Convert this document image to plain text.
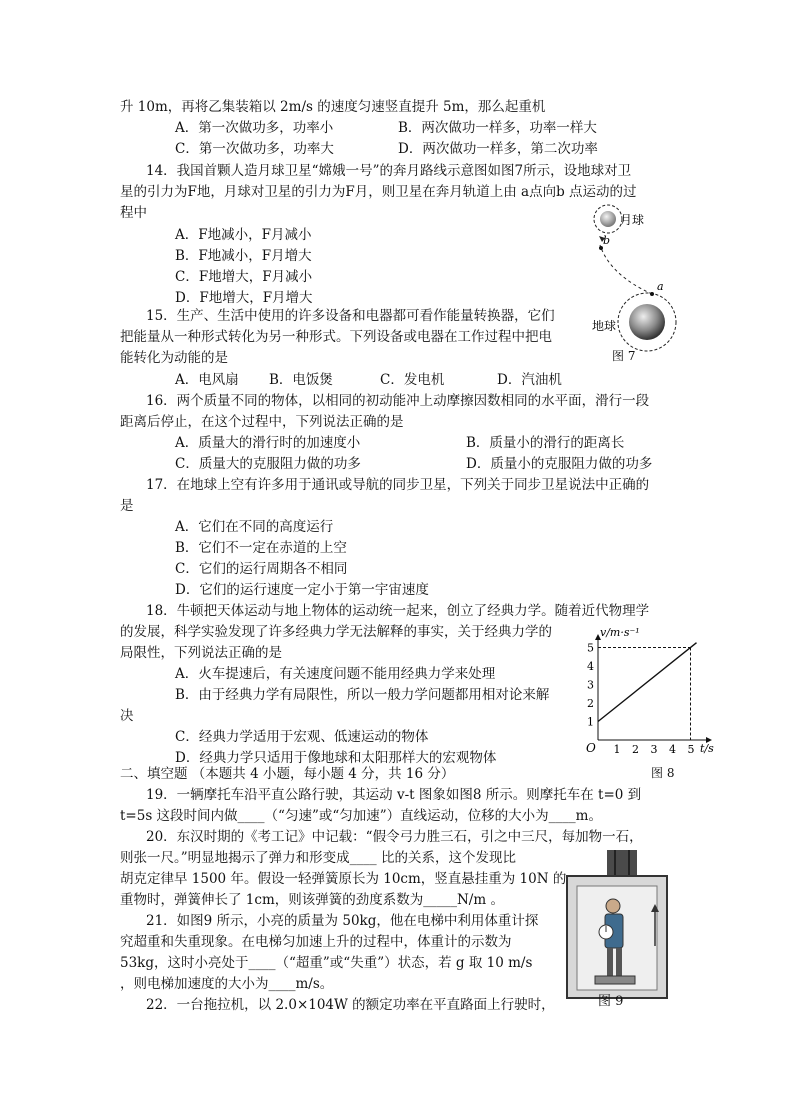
升 10m，再将乙集装箱以 2m/s 的速度匀速竖直提升 5m，那么起重机
A．第一次做功多，功率小	B．两次做功一样多，功率一样大
C．第一次做功多，功率大	D．两次做功一样多，第二次功率
14．我国首颗人造月球卫星“嫦娥一号”的奔月路线示意图如图7所示，设地球对卫
星的引力为F地，月球对卫星的引力为F月，则卫星在奔月轨道上由 a点向b 点运动的过
程中
A．F地减小，F月减小
B．F地减小，F月增大
C．F地增大，F月减小
D．F地增大，F月增大
月球
b
a
地球
图 7
15．生产、生活中使用的许多设备和电器都可看作能量转换器，它们
把能量从一种形式转化为另一种形式。下列设备或电器在工作过程中把电
能转化为动能的是
A．电风扇 B．电饭煲	C．发电机	D．汽油机
16．两个质量不同的物体，以相同的初动能冲上动摩擦因数相同的水平面，滑行一段
距离后停止，在这个过程中，下列说法正确的是
A．质量大的滑行时的加速度小	B．质量小的滑行的距离长
C．质量大的克服阻力做的功多	D．质量小的克服阻力做的功多
17．在地球上空有许多用于通讯或导航的同步卫星，下列关于同步卫星说法中正确的
是
A．它们在不同的高度运行
B．它们不一定在赤道的上空
C．它们的运行周期各不相同
D．它们的运行速度一定小于第一宇宙速度
18．牛顿把天体运动与地上物体的运动统一起来，创立了经典力学。随着近代物理学
的发展，科学实验发现了许多经典力学无法解释的事实，关于经典力学的
局限性，下列说法正确的是
A．火车提速后，有关速度问题不能用经典力学来处理
B．由于经典力学有局限性，所以一般力学问题都用相对论来解
决
C．经典力学适用于宏观、低速运动的物体
D．经典力学只适用于像地球和太阳那样大的宏观物体
1 2 3 4 5
1
2
3
4
5
v/m·s⁻¹
t/s
O
图 8
二、填空题 （本题共 4 小题，每小题 4 分，共 16 分）
19．一辆摩托车沿平直公路行驶，其运动 v-t 图象如图8 所示。则摩托车在 t=0 到
t=5s 这段时间内做____（“匀速”或“匀加速”）直线运动，位移的大小为____m。
20．东汉时期的《考工记》中记载：“假令弓力胜三石，引之中三尺，每加物一石，
则张一尺。”明显地揭示了弹力和形变成____ 比的关系，这个发现比
胡克定律早 1500 年。假设一轻弹簧原长为 10cm，竖直悬挂重为 10N 的
重物时，弹簧伸长了 1cm，则该弹簧的劲度系数为_____N/m 。
21．如图9 所示，小亮的质量为 50kg，他在电梯中利用体重计探
究超重和失重现象。在电梯匀加速上升的过程中，体重计的示数为
53kg，这时小亮处于____（“超重”或“失重”）状态，若 g 取 10 m/s
，则电梯加速度的大小为____m/s。
22．一台拖拉机，以 2.0×104W 的额定功率在平直路面上行驶时，	图 9
